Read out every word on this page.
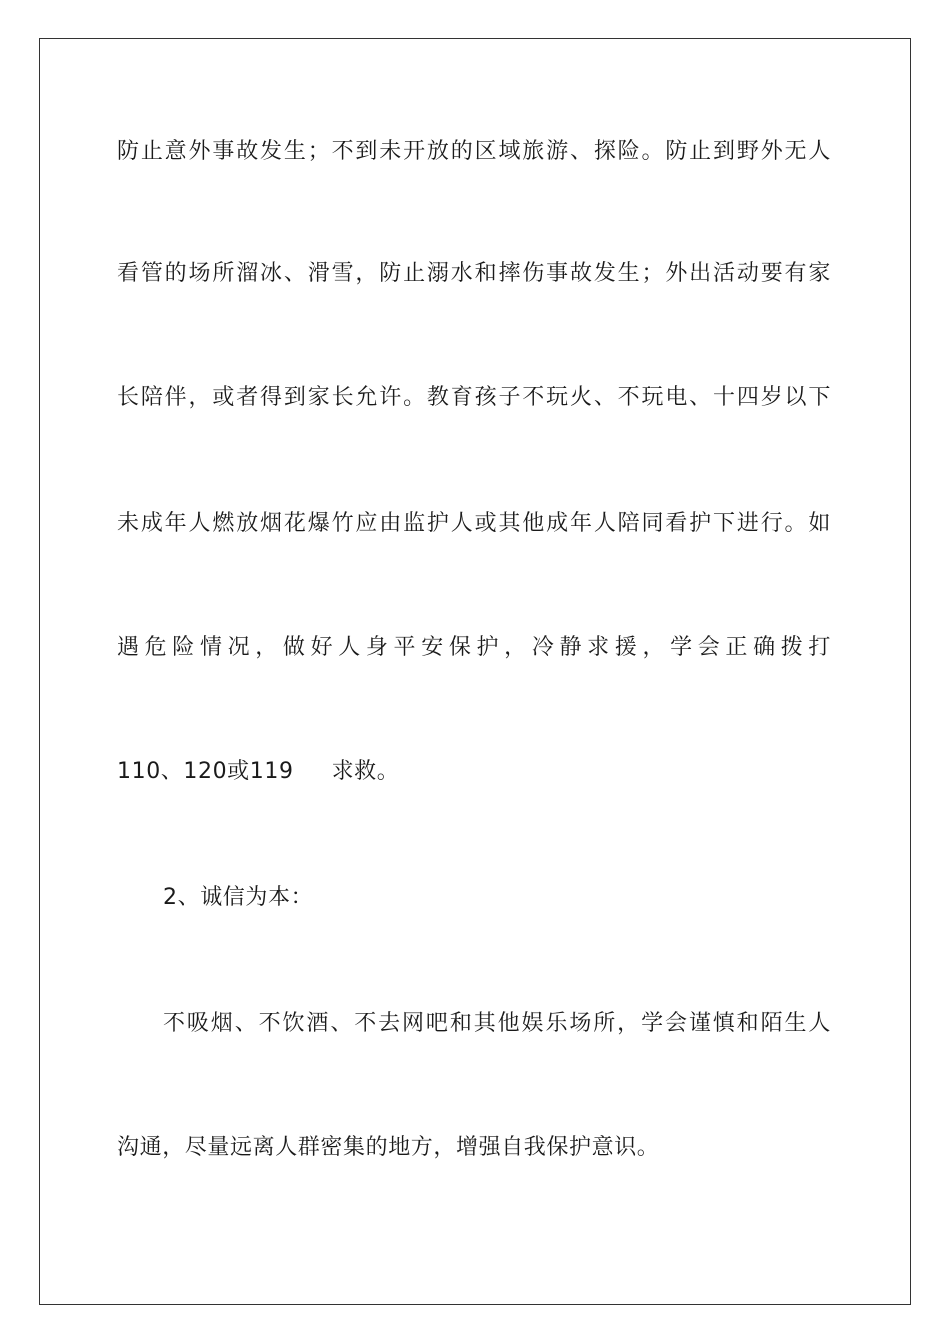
防止意外事故发生；不到未开放的区域旅游、探险。防止到野外无人
看管的场所溜冰、滑雪，防止溺水和摔伤事故发生；外出活动要有家
长陪伴，或者得到家长允许。教育孩子不玩火、不玩电、十四岁以下
未成年人燃放烟花爆竹应由监护人或其他成年人陪同看护下进行。如
遇危险情况，做好人身平安保护，冷静求援，学会正确拨打
110、120或119 求救。
2、诚信为本：
不吸烟、不饮酒、不去网吧和其他娱乐场所，学会谨慎和陌生人
沟通，尽量远离人群密集的地方，增强自我保护意识。
